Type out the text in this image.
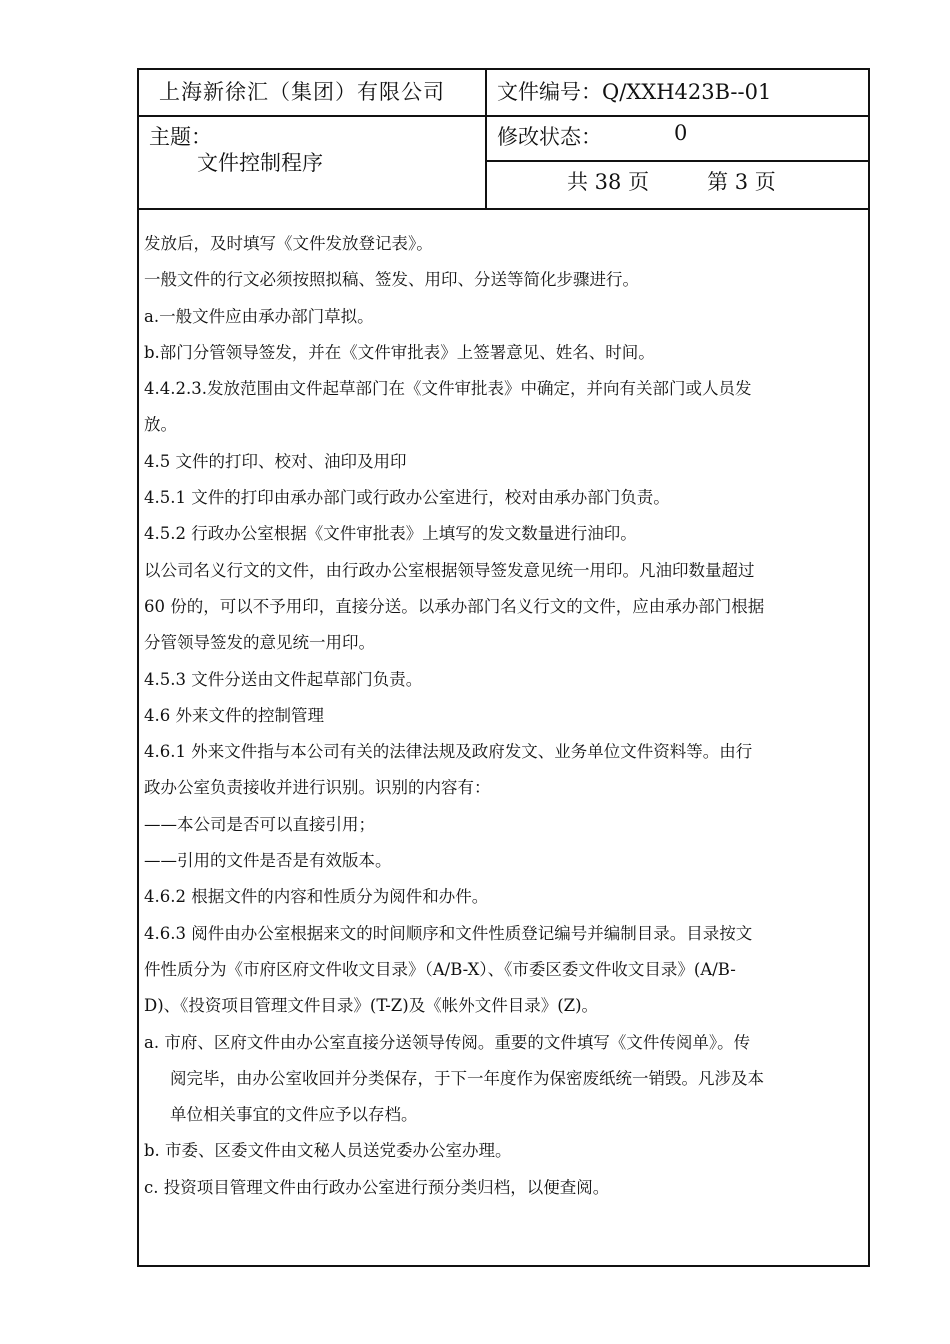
上海新徐汇（集团）有限公司 文件编号：Q/XXH423B--01
主题：
文件控制程序
修改状态：	0
共 38 页	第 3 页
发放后，及时填写《文件发放登记表》。
一般文件的行文必须按照拟稿、签发、用印、分送等简化步骤进行。
a.一般文件应由承办部门草拟。
b.部门分管领导签发，并在《文件审批表》上签署意见、姓名、时间。
4.4.2.3.发放范围由文件起草部门在《文件审批表》中确定，并向有关部门或人员发
放。
4.5 文件的打印、校对、油印及用印
4.5.1 文件的打印由承办部门或行政办公室进行，校对由承办部门负责。
4.5.2 行政办公室根据《文件审批表》上填写的发文数量进行油印。
以公司名义行文的文件，由行政办公室根据领导签发意见统一用印。凡油印数量超过
60 份的，可以不予用印，直接分送。以承办部门名义行文的文件，应由承办部门根据
分管领导签发的意见统一用印。
4.5.3 文件分送由文件起草部门负责。
4.6 外来文件的控制管理
4.6.1 外来文件指与本公司有关的法律法规及政府发文、业务单位文件资料等。由行
政办公室负责接收并进行识别。识别的内容有：
——本公司是否可以直接引用；
——引用的文件是否是有效版本。
4.6.2 根据文件的内容和性质分为阅件和办件。
4.6.3 阅件由办公室根据来文的时间顺序和文件性质登记编号并编制目录。目录按文
件性质分为《市府区府文件收文目录》（A/B-X）、《市委区委文件收文目录》(A/B-
D)、《投资项目管理文件目录》(T-Z)及《帐外文件目录》(Z)。
a. 市府、区府文件由办公室直接分送领导传阅。重要的文件填写《文件传阅单》。传
阅完毕，由办公室收回并分类保存，于下一年度作为保密废纸统一销毁。凡涉及本
单位相关事宜的文件应予以存档。
b. 市委、区委文件由文秘人员送党委办公室办理。
c. 投资项目管理文件由行政办公室进行预分类归档，以便查阅。
